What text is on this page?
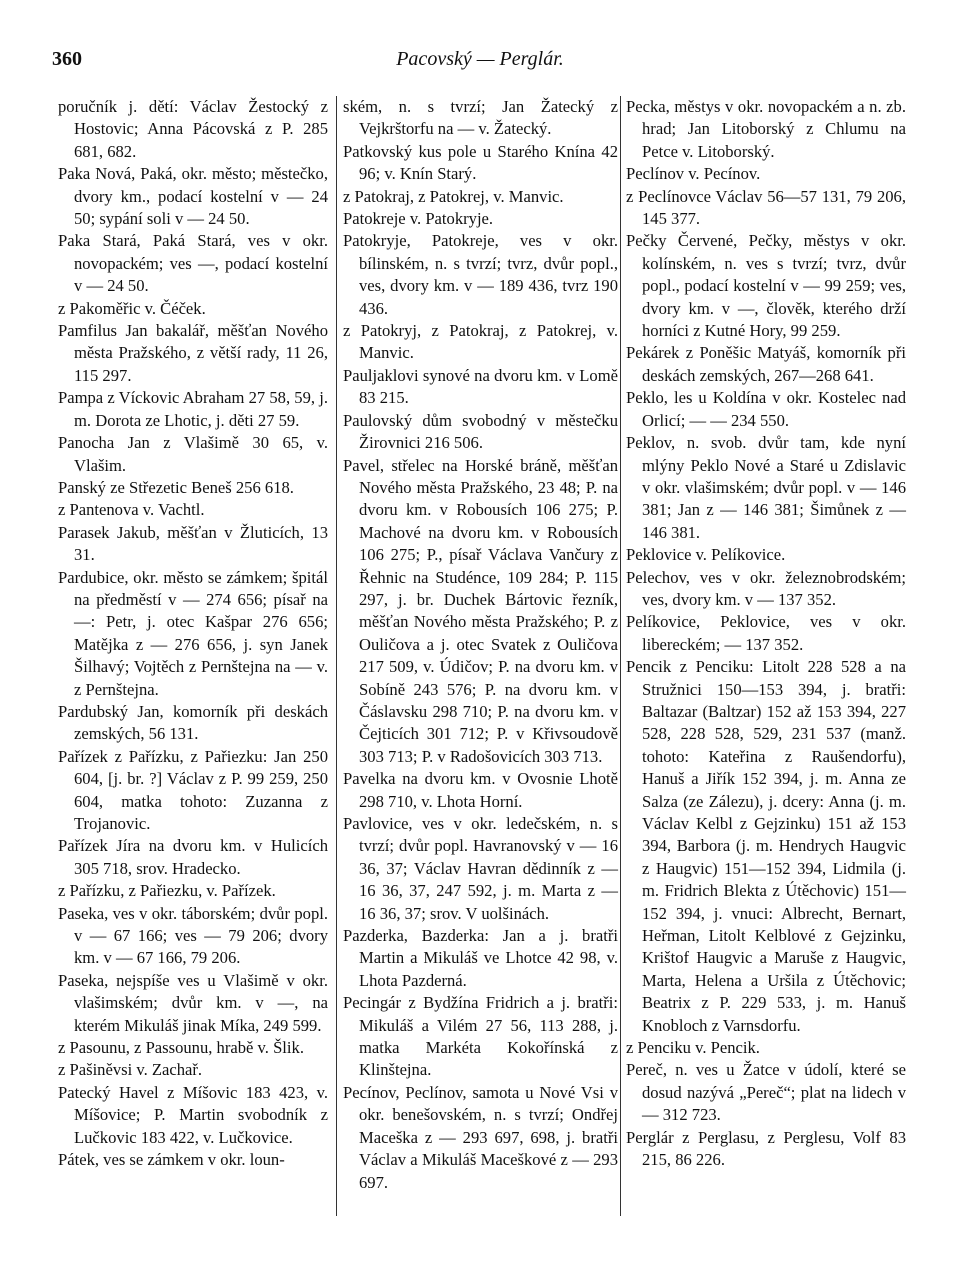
360	Pacovský — Perglár.
poručník j. dětí: Václav Žestocký z Hostovic; Anna Pácovská z P. 285 681, 682.
Paka Nová, Paká, okr. město; městečko, dvory km., podací kostelní v — 24 50; sypání soli v — 24 50.
Paka Stará, Paká Stará, ves v okr. novopackém; ves —, podací kostelní v — 24 50.
z Pakoměřic v. Čéček.
Pamfilus Jan bakalář, měšťan Nového města Pražského, z větší rady, 11 26, 115 297.
Pampa z Víckovic Abraham 27 58, 59, j. m. Dorota ze Lhotic, j. děti 27 59.
Panocha Jan z Vlašimě 30 65, v. Vlašim.
Panský ze Střezetic Beneš 256 618.
z Pantenova v. Vachtl.
Parasek Jakub, měšťan v Žluticích, 13 31.
Pardubice, okr. město se zámkem; špitál na předměstí v — 274 656; písař na —: Petr, j. otec Kašpar 276 656; Matějka z — 276 656, j. syn Janek Šilhavý; Vojtěch z Pernštejna na — v. z Pernštejna.
Pardubský Jan, komorník při deskách zemských, 56 131.
Pařízek z Pařízku, z Pařiezku: Jan 250 604, [j. br. ?] Václav z P. 99 259, 250 604, matka tohoto: Zuzanna z Trojanovic.
Pařízek Jíra na dvoru km. v Hulicích 305 718, srov. Hradecko.
z Pařízku, z Pařiezku, v. Pařízek.
Paseka, ves v okr. táborském; dvůr popl. v — 67 166; ves — 79 206; dvory km. v — 67 166, 79 206.
Paseka, nejspíše ves u Vlašimě v okr. vlašimském; dvůr km. v —, na kterém Mikuláš jinak Míka, 249 599.
z Pasounu, z Passounu, hrabě v. Šlik.
z Pašiněvsi v. Zachař.
Patecký Havel z Míšovic 183 423, v. Míšovice; P. Martin svobodník z Lučkovic 183 422, v. Lučkovice.
Pátek, ves se zámkem v okr. loun-
ském, n. s tvrzí; Jan Žatecký z Vejkrštorfu na — v. Žatecký.
Patkovský kus pole u Starého Knína 42 96; v. Knín Starý.
z Patokraj, z Patokrej, v. Manvic.
Patokreje v. Patokryje.
Patokryje, Patokreje, ves v okr. bílinském, n. s tvrzí; tvrz, dvůr popl., ves, dvory km. v — 189 436, tvrz 190 436.
z Patokryj, z Patokraj, z Patokrej, v. Manvic.
Pauljaklovi synové na dvoru km. v Lomě 83 215.
Paulovský dům svobodný v městečku Žirovnici 216 506.
Pavel, střelec na Horské bráně, měšťan Nového města Pražského, 23 48; P. na dvoru km. v Robousích 106 275; P. Machové na dvoru km. v Robousích 106 275; P., písař Václava Vančury z Řehnic na Studénce, 109 284; P. 115 297, j. br. Duchek Bártovic řezník, měšťan Nového města Pražského; P. z Ouličova a j. otec Svatek z Ouličova 217 509, v. Údičov; P. na dvoru km. v Sobíně 243 576; P. na dvoru km. v Čáslavsku 298 710; P. na dvoru km. v Čejticích 301 712; P. v Křivsoudově 303 713; P. v Radošovicích 303 713.
Pavelka na dvoru km. v Ovosnie Lhotě 298 710, v. Lhota Horní.
Pavlovice, ves v okr. ledečském, n. s tvrzí; dvůr popl. Havranovský v — 16 36, 37; Václav Havran dědinník z — 16 36, 37, 247 592, j. m. Marta z — 16 36, 37; srov. V uolšinách.
Pazderka, Bazderka: Jan a j. bratři Martin a Mikuláš ve Lhotce 42 98, v. Lhota Pazderná.
Pecingár z Bydžína Fridrich a j. bratři: Mikuláš a Vilém 27 56, 113 288, j. matka Markéta Kokořínská z Klinštejna.
Pecínov, Peclínov, samota u Nové Vsi v okr. benešovském, n. s tvrzí; Ondřej Maceška z — 293 697, 698, j. bratři Václav a Mikuláš Maceškové z — 293 697.
Pecka, městys v okr. novopackém a n. zb. hrad; Jan Litoborský z Chlumu na Petce v. Litoborský.
Peclínov v. Pecínov.
z Peclínovce Václav 56—57 131, 79 206, 145 377.
Pečky Červené, Pečky, městys v okr. kolínském, n. ves s tvrzí; tvrz, dvůr popl., podací kostelní v — 99 259; ves, dvory km. v —, člověk, kterého drží horníci z Kutné Hory, 99 259.
Pekárek z Poněšic Matyáš, komorník při deskách zemských, 267—268 641.
Peklo, les u Koldína v okr. Kostelec nad Orlicí; — — 234 550.
Peklov, n. svob. dvůr tam, kde nyní mlýny Peklo Nové a Staré u Zdislavic v okr. vlašimském; dvůr popl. v — 146 381; Jan z — 146 381; Šimůnek z — 146 381.
Peklovice v. Pelíkovice.
Pelechov, ves v okr. železnobrodském; ves, dvory km. v — 137 352.
Pelíkovice, Peklovice, ves v okr. libereckém; — 137 352.
Pencik z Penciku: Litolt 228 528 a na Stružnici 150—153 394, j. bratři: Baltazar (Baltzar) 152 až 153 394, 227 528, 228 528, 529, 231 537 (manž. tohoto: Kateřina z Raušendorfu), Hanuš a Jiřík 152 394, j. m. Anna ze Salza (ze Zálezu), j. dcery: Anna (j. m. Václav Kelbl z Gejzinku) 151 až 153 394, Barbora (j. m. Hendrych Haugvic z Haugvic) 151—152 394, Lidmila (j. m. Fridrich Blekta z Útěchovic) 151—152 394, j. vnuci: Albrecht, Bernart, Heřman, Litolt Kelblové z Gejzinku, Krištof Haugvic a Maruše z Haugvic, Marta, Helena a Uršila z Útěchovic; Beatrix z P. 229 533, j. m. Hanuš Knobloch z Varnsdorfu.
z Penciku v. Pencik.
Pereč, n. ves u Žatce v údolí, které se dosud nazývá „Pereč“; plat na lidech v — 312 723.
Perglár z Perglasu, z Perglesu, Volf 83 215, 86 226.
